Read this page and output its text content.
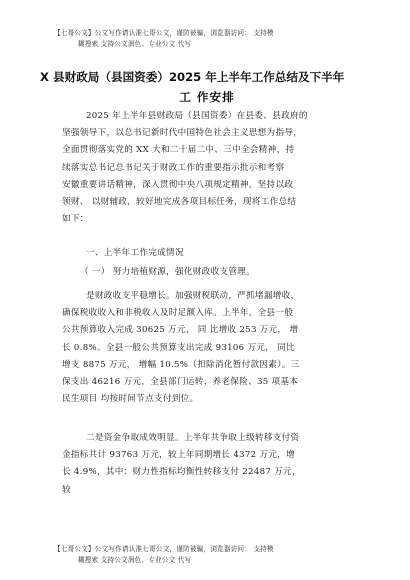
【七哥公文】公文写作请认准七哥公文，谨防被骗，浏览器访问： 支持模
糊搜索 支持公文润色、专业公文 代写
X 县财政局（县国资委）2025 年上半年工作总结及下半年
工 作安排

2025 年上半年县财政局（县国资委）在县委、县政府的

坚强领导下，以总书记新时代中国特色社会主义思想为指导，

全面贯彻落实党的 XX 大和二十届二中、三中全会精神，持

续落实总书记总书记关于财政工作的重要指示批示和考察

安徽重要讲话精神，深入贯彻中央八项规定精神，坚持以政

领财、 以财辅政，较好地完成各项目标任务，现将工作总结

如下：

一、上半年工作完成情况

（ 一） 努力培植财源，强化财政收支管理。

是财政收支平稳增长。加强财税联动，严抓堵漏增收，

确保税收收入和非税收入及时足额入库。上半年，全县一般

公共预算收入完成 30625 万元， 同 比增收 253 万元， 增

长 0.8%。全县一般公共预算支出完成 93106 万元， 同比

增支 8875 万元， 增幅 10.5%（扣除消化暂付款因素）。三

保支出 46216 万元，全县部门运转、养老保险、35 项基本

民生项目 均按时间节点支付到位。

二是资金争取成效明显。上半年共争取上级转移支付资

金指标共计 93763 万元，较上年同期增长 4372 万元，增

长 4.9%，其中：财力性指标均衡性转移支付 22487 万元，

较

【七哥公文】公文写作请认准七哥公文，谨防被骗，浏览器访问： 支持模
糊搜索 支持公文润色、专业公文 代写
